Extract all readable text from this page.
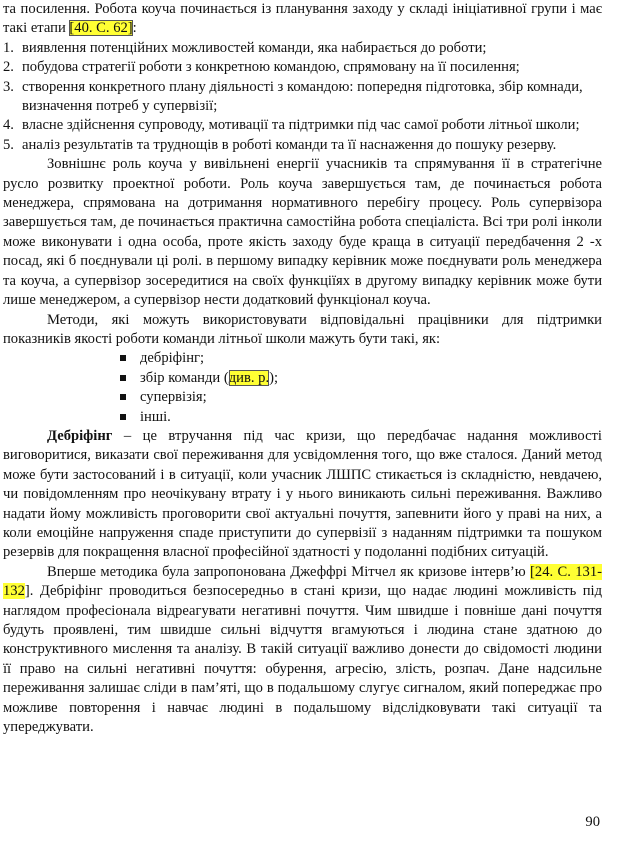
та посилення. Робота коуча починається із планування заходу у складі ініціативної групи і має такі етапи [40. С. 62]:

1. виявлення потенційних можливостей команди, яка набирається до роботи;
2. побудова стратегії роботи з конкретною командою, спрямовану на її посилення;
3. створення конкретного плану діяльності з командою: попередня підготовка, збір комнади, визначення потреб у супервізії;
4. власне здійснення супроводу, мотивації та підтримки під час самої роботи літньої школи;
5. аналіз результатів та труднощів в роботі команди та її наснаження до пошуку резерву.

Зовнішнє роль коуча у вивільнені енергії учасників та спрямування її в стратегічне русло розвитку проектної роботи. Роль коуча завершується там, де починається робота менеджера, спрямована на дотримання нормативного перебігу процесу. Роль супервізора завершується там, де починається практична самостійна робота спеціаліста. Всі три ролі інколи може виконувати і одна особа, проте якість заходу буде краща в ситуації передбачення 2 -х посад, які б поєднували ці ролі. в першому випадку керівник може поєднувати роль менеджера та коуча, а супервізор зосередитися на своїх функціїях в другому випадку керівник може бути лише менеджером, а супервізор нести додатковий функціонал коуча.

Методи, які можуть використовувати відповідальні працівники для підтримки показників якості роботи команди літньої школи мажуть бути такі, як:

дебріфінг;
збір команди (див. р.);
супервізія;
інші.

Дебріфінг – це втручання під час кризи, що передбачає надання можливості виговоритися, виказати свої переживання для усвідомлення того, що вже сталося. Даний метод може бути застосований і в ситуації, коли учасник ЛШПС стикається із складністю, невдачею, чи повідомленням про неочікувану втрату і у нього виникають сильні переживання. Важливо надати йому можливість проговорити свої актуальні почуття, запевнити його у праві на них, а коли емоційне напруження спаде приступити до супервізії з наданням підтримки та пошуком резервів для покращення власної професійної здатності у подоланні подібних ситуацій.

Вперше методика була запропонована Джеффрі Мітчел як кризове інтерв’ю [24. С. 131-132]. Дебріфінг проводиться безпосередньо в стані кризи, що надає людині можливість під наглядом професіонала відреагувати негативні почуття. Чим швидше і повніше дані почуття будуть проявлені, тим швидше сильні відчуття вгамуються і людина стане здатною до конструктивного мислення та аналізу. В такій ситуації важливо донести до свідомості людини її право на сильні негативні почуття: обурення, агресію, злість, розпач. Дане надсильне переживання залишає сліди в пам’яті, що в подальшому слугує сигналом, який попереджає про можливе повторення і навчає людині в подальшому відслідковувати такі ситуації та упереджувати.

90
